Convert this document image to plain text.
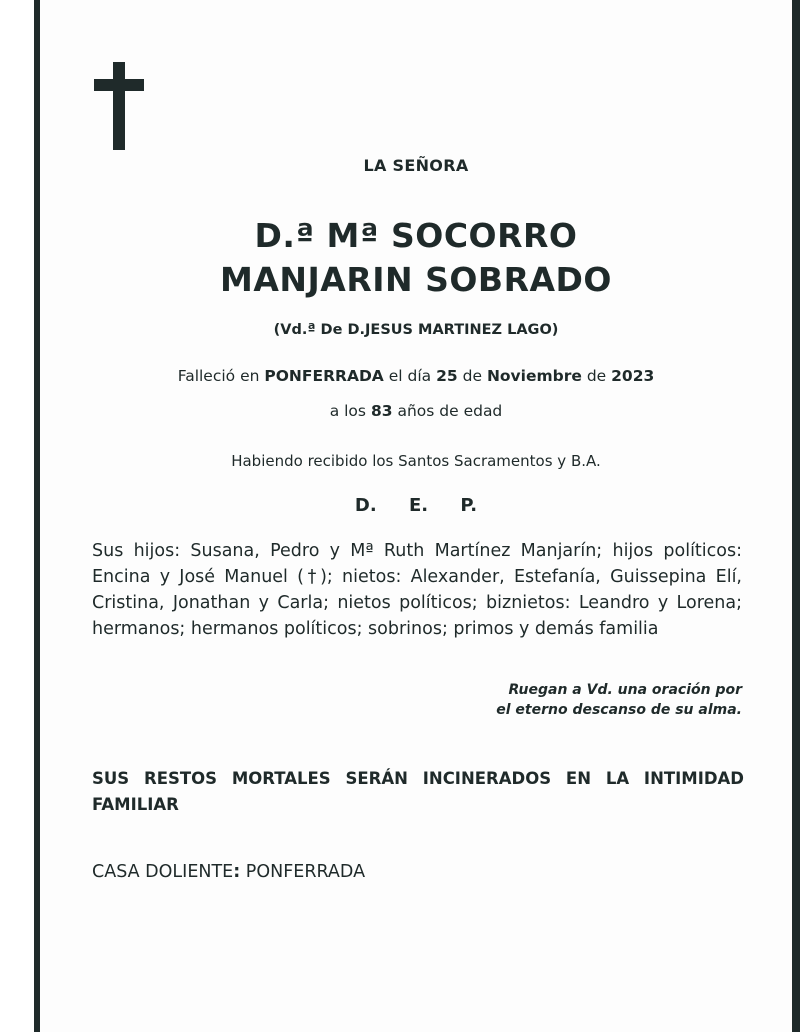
LA SEÑORA
D.ª Mª SOCORRO
MANJARIN SOBRADO
(Vd.ª De D.JESUS MARTINEZ LAGO)
Falleció en PONFERRADA el día 25 de Noviembre de 2023
a los 83 años de edad
Habiendo recibido los Santos Sacramentos y B.A.
D. E. P.
Sus hijos: Susana, Pedro y Mª Ruth Martínez Manjarín; hijos políticos: Encina y José Manuel (†); nietos: Alexander, Estefanía, Guissepina Elí, Cristina, Jonathan y Carla; nietos políticos; biznietos: Leandro y Lorena; hermanos; hermanos políticos; sobrinos; primos y demás familia
Ruegan a Vd. una oración por
el eterno descanso de su alma.
SUS RESTOS MORTALES SERÁN INCINERADOS EN LA INTIMIDAD FAMILIAR
CASA DOLIENTE: PONFERRADA
